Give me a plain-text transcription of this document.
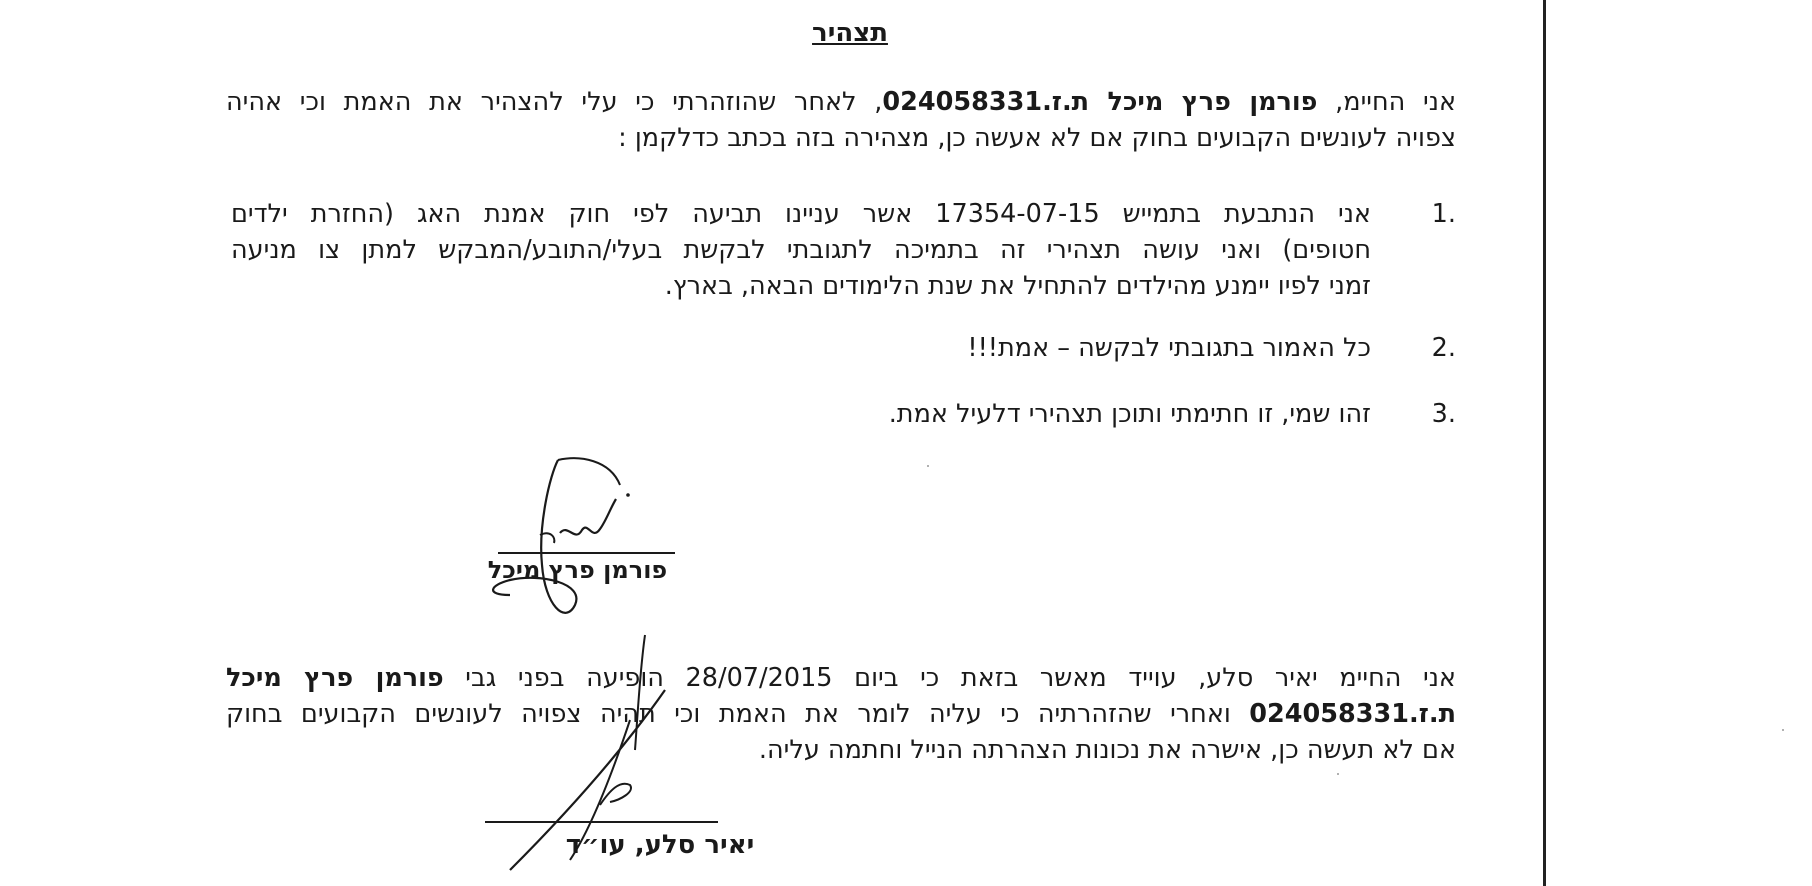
תצהיר
אני החיימ, פורמן פרץ מיכל ת.ז.024058331, לאחר שהוזהרתי כי עלי להצהיר את האמת וכי אהיה
צפויה לעונשים הקבועים בחוק אם לא אעשה כן, מצהירה בזה בכתב כדלקמן :
.1
אני הנתבעת בתמייש 17354-07-15 אשר עניינו תביעה לפי חוק אמנת האג (החזרת ילדים
חטופים) ואני עושה תצהירי זה בתמיכה לתגובתי לבקשת בעלי/התובע/המבקש למתן צו מניעה
זמני לפיו יימנע מהילדים להתחיל את שנת הלימודים הבאה, בארץ.
.2
כל האמור בתגובתי לבקשה – אמת!!!
.3
זהו שמי, זו חתימתי ותוכן תצהירי דלעיל אמת.
פורמן פרץ מיכל
אני החיימ יאיר סלע, עוייד מאשר בזאת כי ביום 28/07/2015 הופיעה בפני גבי פורמן פרץ מיכל
ת.ז.024058331 ואחרי שהזהרתיה כי עליה לומר את האמת וכי תהיה צפויה לעונשים הקבועים בחוק
אם לא תעשה כן, אישרה את נכונות הצהרתה הנייל וחתמה עליה.
יאיר סלע, עו״ד
